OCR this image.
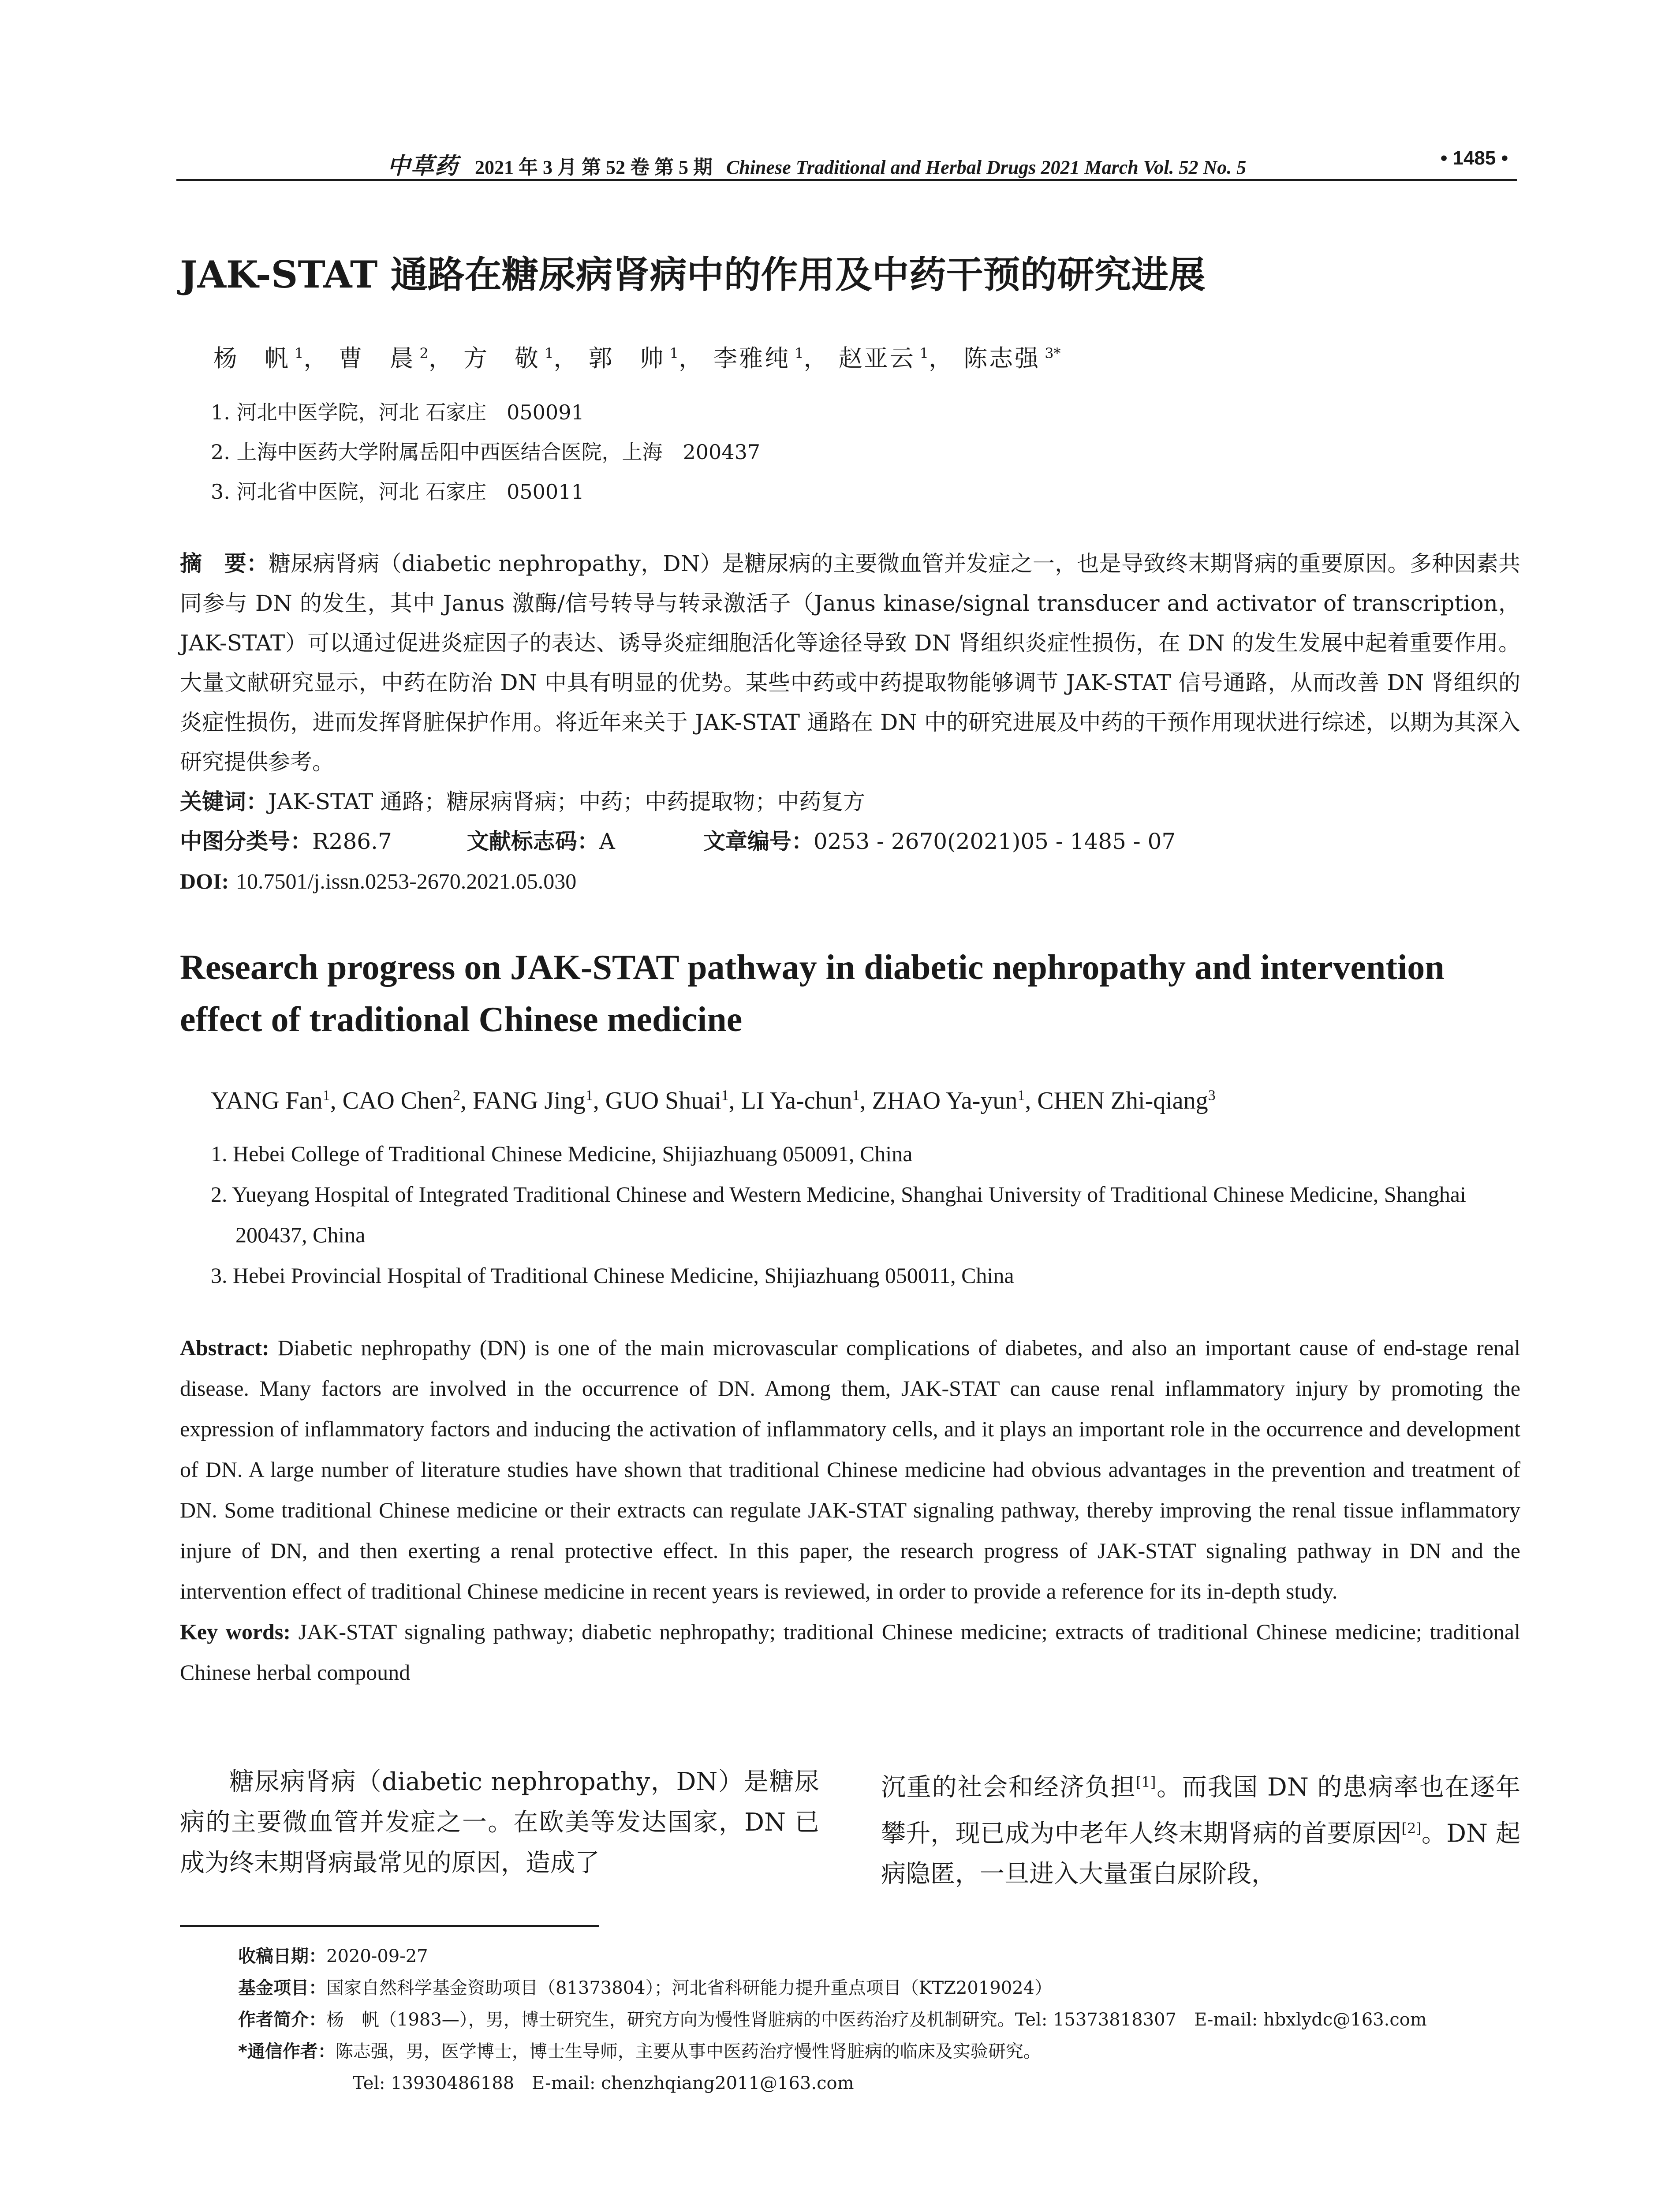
中草药 2021 年 3 月 第 52 卷 第 5 期 Chinese Traditional and Herbal Drugs 2021 March Vol. 52 No. 5	• 1485 •
JAK-STAT 通路在糖尿病肾病中的作用及中药干预的研究进展
杨　帆 $^1$， 曹　晨 $^2$， 方　敬 $^1$， 郭　帅 $^1$， 李雅纯 $^1$， 赵亚云 $^1$， 陈志强 $^{3*}$
1. 河北中医学院，河北 石家庄　050091
2. 上海中医药大学附属岳阳中西医结合医院，上海　200437
3. 河北省中医院，河北 石家庄　050011
摘　要：糖尿病肾病（diabetic nephropathy，DN）是糖尿病的主要微血管并发症之一，也是导致终末期肾病的重要原因。多种因素共同参与 DN 的发生，其中 Janus 激酶/信号转导与转录激活子（Janus kinase/signal transducer and activator of transcription，JAK-STAT）可以通过促进炎症因子的表达、诱导炎症细胞活化等途径导致 DN 肾组织炎症性损伤，在 DN 的发生发展中起着重要作用。大量文献研究显示，中药在防治 DN 中具有明显的优势。某些中药或中药提取物能够调节 JAK-STAT 信号通路，从而改善 DN 肾组织的炎症性损伤，进而发挥肾脏保护作用。将近年来关于 JAK-STAT 通路在 DN 中的研究进展及中药的干预作用现状进行综述，以期为其深入研究提供参考。
关键词：JAK-STAT 通路；糖尿病肾病；中药；中药提取物；中药复方
中图分类号：R286.7	文献标志码：A	文章编号：0253 - 2670(2021)05 - 1485 - 07
DOI: 10.7501/j.issn.0253-2670.2021.05.030
Research progress on JAK-STAT pathway in diabetic nephropathy and intervention effect of traditional Chinese medicine
YANG Fan$^1$, CAO Chen$^2$, FANG Jing$^1$, GUO Shuai$^1$, LI Ya-chun$^1$, ZHAO Ya-yun$^1$, CHEN Zhi-qiang$^3$
1. Hebei College of Traditional Chinese Medicine, Shijiazhuang 050091, China
2. Yueyang Hospital of Integrated Traditional Chinese and Western Medicine, Shanghai University of Traditional Chinese Medicine, Shanghai 200437, China
3. Hebei Provincial Hospital of Traditional Chinese Medicine, Shijiazhuang 050011, China
Abstract: Diabetic nephropathy (DN) is one of the main microvascular complications of diabetes, and also an important cause of end-stage renal disease. Many factors are involved in the occurrence of DN. Among them, JAK-STAT can cause renal inflammatory injury by promoting the expression of inflammatory factors and inducing the activation of inflammatory cells, and it plays an important role in the occurrence and development of DN. A large number of literature studies have shown that traditional Chinese medicine had obvious advantages in the prevention and treatment of DN. Some traditional Chinese medicine or their extracts can regulate JAK-STAT signaling pathway, thereby improving the renal tissue inflammatory injure of DN, and then exerting a renal protective effect. In this paper, the research progress of JAK-STAT signaling pathway in DN and the intervention effect of traditional Chinese medicine in recent years is reviewed, in order to provide a reference for its in-depth study.
Key words: JAK-STAT signaling pathway; diabetic nephropathy; traditional Chinese medicine; extracts of traditional Chinese medicine; traditional Chinese herbal compound
糖尿病肾病（diabetic nephropathy，DN）是糖尿病的主要微血管并发症之一。在欧美等发达国家，DN 已成为终末期肾病最常见的原因，造成了
沉重的社会和经济负担[1]。而我国 DN 的患病率也在逐年攀升，现已成为中老年人终末期肾病的首要原因[2]。DN 起病隐匿，一旦进入大量蛋白尿阶段，
收稿日期：2020-09-27
基金项目：国家自然科学基金资助项目（81373804）；河北省科研能力提升重点项目（KTZ2019024）
作者简介：杨　帆（1983—），男，博士研究生，研究方向为慢性肾脏病的中医药治疗及机制研究。Tel: 15373818307　E-mail: hbxlydc@163.com
*通信作者：陈志强，男，医学博士，博士生导师，主要从事中医药治疗慢性肾脏病的临床及实验研究。
Tel: 13930486188　E-mail: chenzhqiang2011@163.com
